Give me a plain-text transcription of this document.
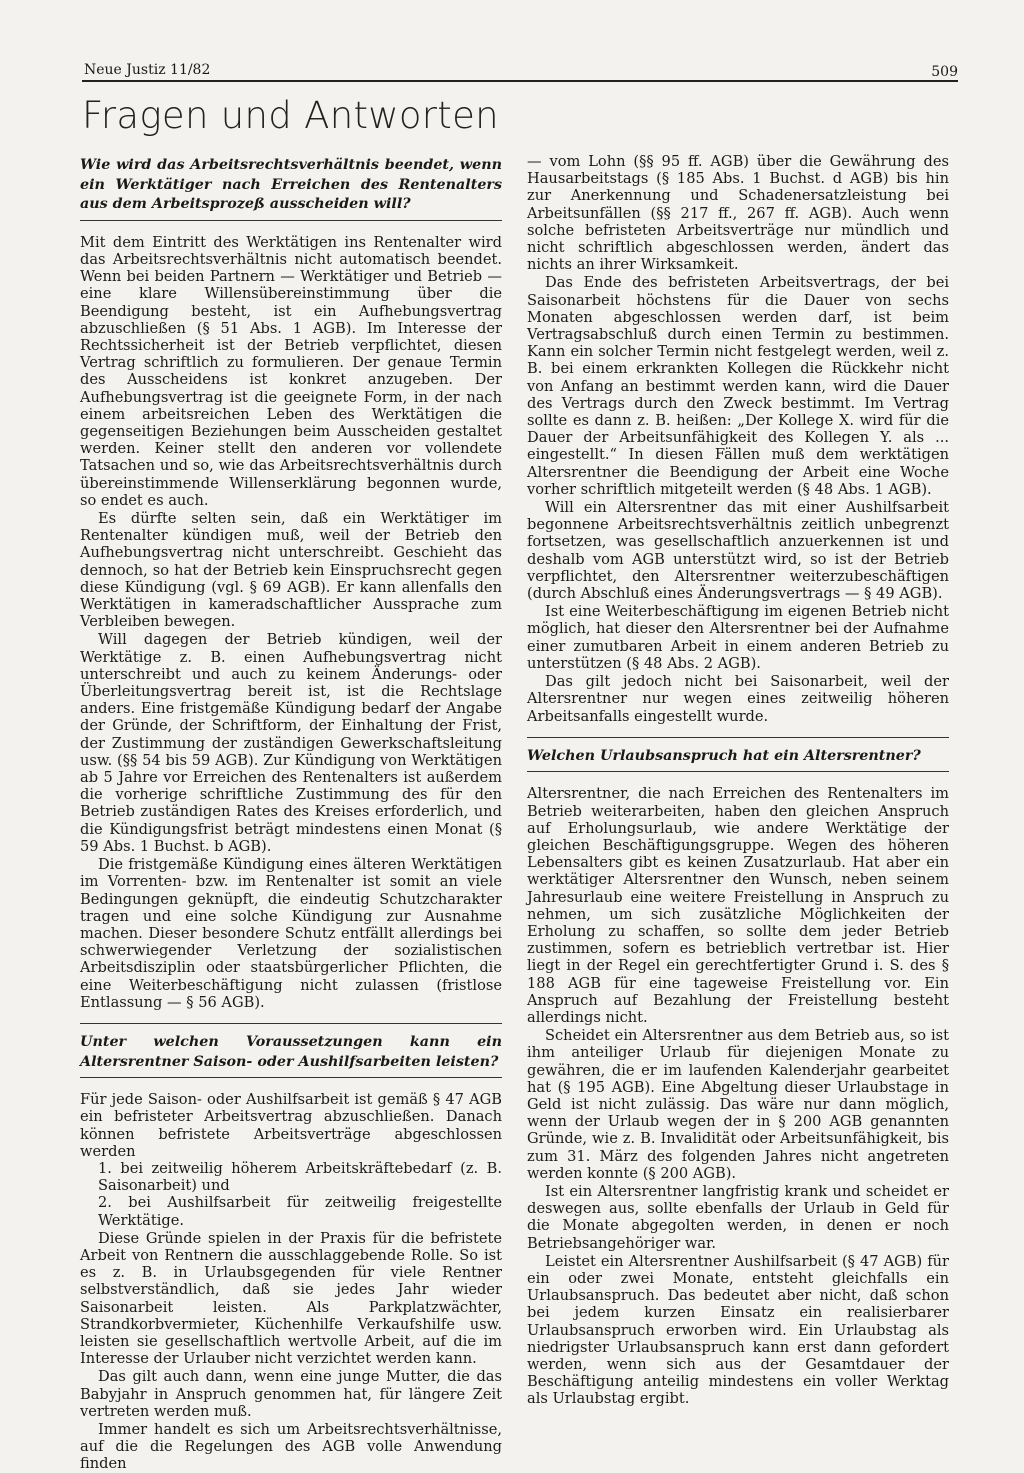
Neue Justiz 11/82	509
Fragen und Antworten
Wie wird das Arbeitsrechtsverhältnis beendet, wenn ein Werktätiger nach Erreichen des Rentenalters aus dem Arbeitsprozeß ausscheiden will?

Mit dem Eintritt des Werktätigen ins Rentenalter wird das Arbeitsrechtsverhältnis nicht automatisch beendet. Wenn bei beiden Partnern — Werktätiger und Betrieb — eine klare Willensübereinstimmung über die Beendigung besteht, ist ein Aufhebungsvertrag abzuschließen (§ 51 Abs. 1 AGB). Im Interesse der Rechtssicherheit ist der Betrieb verpflichtet, diesen Vertrag schriftlich zu formulieren. Der genaue Termin des Ausscheidens ist konkret anzugeben. Der Aufhebungsvertrag ist die geeignete Form, in der nach einem arbeitsreichen Leben des Werktätigen die gegenseitigen Beziehungen beim Ausscheiden gestaltet werden. Keiner stellt den anderen vor vollendete Tatsachen und so, wie das Arbeitsrechtsverhältnis durch übereinstimmende Willenserklärung begonnen wurde, so endet es auch.

Es dürfte selten sein, daß ein Werktätiger im Rentenalter kündigen muß, weil der Betrieb den Aufhebungsvertrag nicht unterschreibt. Geschieht das dennoch, so hat der Betrieb kein Einspruchsrecht gegen diese Kündigung (vgl. § 69 AGB). Er kann allenfalls den Werktätigen in kameradschaftlicher Aussprache zum Verbleiben bewegen.

Will dagegen der Betrieb kündigen, weil der Werktätige z. B. einen Aufhebungsvertrag nicht unterschreibt und auch zu keinem Änderungs- oder Überleitungsvertrag bereit ist, ist die Rechtslage anders. Eine fristgemäße Kündigung bedarf der Angabe der Gründe, der Schriftform, der Einhaltung der Frist, der Zustimmung der zuständigen Gewerkschaftsleitung usw. (§§ 54 bis 59 AGB). Zur Kündigung von Werktätigen ab 5 Jahre vor Erreichen des Rentenalters ist außerdem die vorherige schriftliche Zustimmung des für den Betrieb zuständigen Rates des Kreises erforderlich, und die Kündigungsfrist beträgt mindestens einen Monat (§ 59 Abs. 1 Buchst. b AGB).

Die fristgemäße Kündigung eines älteren Werktätigen im Vorrenten- bzw. im Rentenalter ist somit an viele Bedingungen geknüpft, die eindeutig Schutzcharakter tragen und eine solche Kündigung zur Ausnahme machen. Dieser besondere Schutz entfällt allerdings bei schwerwiegender Verletzung der sozialistischen Arbeitsdisziplin oder staatsbürgerlicher Pflichten, die eine Weiterbeschäftigung nicht zulassen (fristlose Entlassung — § 56 AGB).

Unter welchen Voraussetzungen kann ein Altersrentner Saison- oder Aushilfsarbeiten leisten?

Für jede Saison- oder Aushilfsarbeit ist gemäß § 47 AGB ein befristeter Arbeitsvertrag abzuschließen. Danach können befristete Arbeitsverträge abgeschlossen werden

1. bei zeitweilig höherem Arbeitskräftebedarf (z. B. Saisonarbeit) und

2. bei Aushilfsarbeit für zeitweilig freigestellte Werktätige.

Diese Gründe spielen in der Praxis für die befristete Arbeit von Rentnern die ausschlaggebende Rolle. So ist es z. B. in Urlaubsgegenden für viele Rentner selbstverständlich, daß sie jedes Jahr wieder Saisonarbeit leisten. Als Parkplatzwächter, Strandkorbvermieter, Küchenhilfe Verkaufshilfe usw. leisten sie gesellschaftlich wertvolle Arbeit, auf die im Interesse der Urlauber nicht verzichtet werden kann.

Das gilt auch dann, wenn eine junge Mutter, die das Babyjahr in Anspruch genommen hat, für längere Zeit vertreten werden muß.

Immer handelt es sich um Arbeitsrechtsverhältnisse, auf die die Regelungen des AGB volle Anwendung finden

— vom Lohn (§§ 95 ff. AGB) über die Gewährung des Hausarbeitstags (§ 185 Abs. 1 Buchst. d AGB) bis hin zur Anerkennung und Schadenersatzleistung bei Arbeitsunfällen (§§ 217 ff., 267 ff. AGB). Auch wenn solche befristeten Arbeitsverträge nur mündlich und nicht schriftlich abgeschlossen werden, ändert das nichts an ihrer Wirksamkeit.

Das Ende des befristeten Arbeitsvertrags, der bei Saisonarbeit höchstens für die Dauer von sechs Monaten abgeschlossen werden darf, ist beim Vertragsabschluß durch einen Termin zu bestimmen. Kann ein solcher Termin nicht festgelegt werden, weil z. B. bei einem erkrankten Kollegen die Rückkehr nicht von Anfang an bestimmt werden kann, wird die Dauer des Vertrags durch den Zweck bestimmt. Im Vertrag sollte es dann z. B. heißen: „Der Kollege X. wird für die Dauer der Arbeitsunfähigkeit des Kollegen Y. als ... eingestellt.“ In diesen Fällen muß dem werktätigen Altersrentner die Beendigung der Arbeit eine Woche vorher schriftlich mitgeteilt werden (§ 48 Abs. 1 AGB).

Will ein Altersrentner das mit einer Aushilfsarbeit begonnene Arbeitsrechtsverhältnis zeitlich unbegrenzt fortsetzen, was gesellschaftlich anzuerkennen ist und deshalb vom AGB unterstützt wird, so ist der Betrieb verpflichtet, den Altersrentner weiterzubeschäftigen (durch Abschluß eines Änderungsvertrags — § 49 AGB).

Ist eine Weiterbeschäftigung im eigenen Betrieb nicht möglich, hat dieser den Altersrentner bei der Aufnahme einer zumutbaren Arbeit in einem anderen Betrieb zu unterstützen (§ 48 Abs. 2 AGB).

Das gilt jedoch nicht bei Saisonarbeit, weil der Altersrentner nur wegen eines zeitweilig höheren Arbeitsanfalls eingestellt wurde.

Welchen Urlaubsanspruch hat ein Altersrentner?

Altersrentner, die nach Erreichen des Rentenalters im Betrieb weiterarbeiten, haben den gleichen Anspruch auf Erholungsurlaub, wie andere Werktätige der gleichen Beschäftigungsgruppe. Wegen des höheren Lebensalters gibt es keinen Zusatzurlaub. Hat aber ein werktätiger Altersrentner den Wunsch, neben seinem Jahresurlaub eine weitere Freistellung in Anspruch zu nehmen, um sich zusätzliche Möglichkeiten der Erholung zu schaffen, so sollte dem jeder Betrieb zustimmen, sofern es betrieblich vertretbar ist. Hier liegt in der Regel ein gerechtfertigter Grund i. S. des § 188 AGB für eine tageweise Freistellung vor. Ein Anspruch auf Bezahlung der Freistellung besteht allerdings nicht.

Scheidet ein Altersrentner aus dem Betrieb aus, so ist ihm anteiliger Urlaub für diejenigen Monate zu gewähren, die er im laufenden Kalenderjahr gearbeitet hat (§ 195 AGB). Eine Abgeltung dieser Urlaubstage in Geld ist nicht zulässig. Das wäre nur dann möglich, wenn der Urlaub wegen der in § 200 AGB genannten Gründe, wie z. B. Invalidität oder Arbeitsunfähigkeit, bis zum 31. März des folgenden Jahres nicht angetreten werden konnte (§ 200 AGB).

Ist ein Altersrentner langfristig krank und scheidet er deswegen aus, sollte ebenfalls der Urlaub in Geld für die Monate abgegolten werden, in denen er noch Betriebsangehöriger war.

Leistet ein Altersrentner Aushilfsarbeit (§ 47 AGB) für ein oder zwei Monate, entsteht gleichfalls ein Urlaubsanspruch. Das bedeutet aber nicht, daß schon bei jedem kurzen Einsatz ein realisierbarer Urlaubsanspruch erworben wird. Ein Urlaubstag als niedrigster Urlaubsanspruch kann erst dann gefordert werden, wenn sich aus der Gesamtdauer der Beschäftigung anteilig mindestens ein voller Werktag als Urlaubstag ergibt.
